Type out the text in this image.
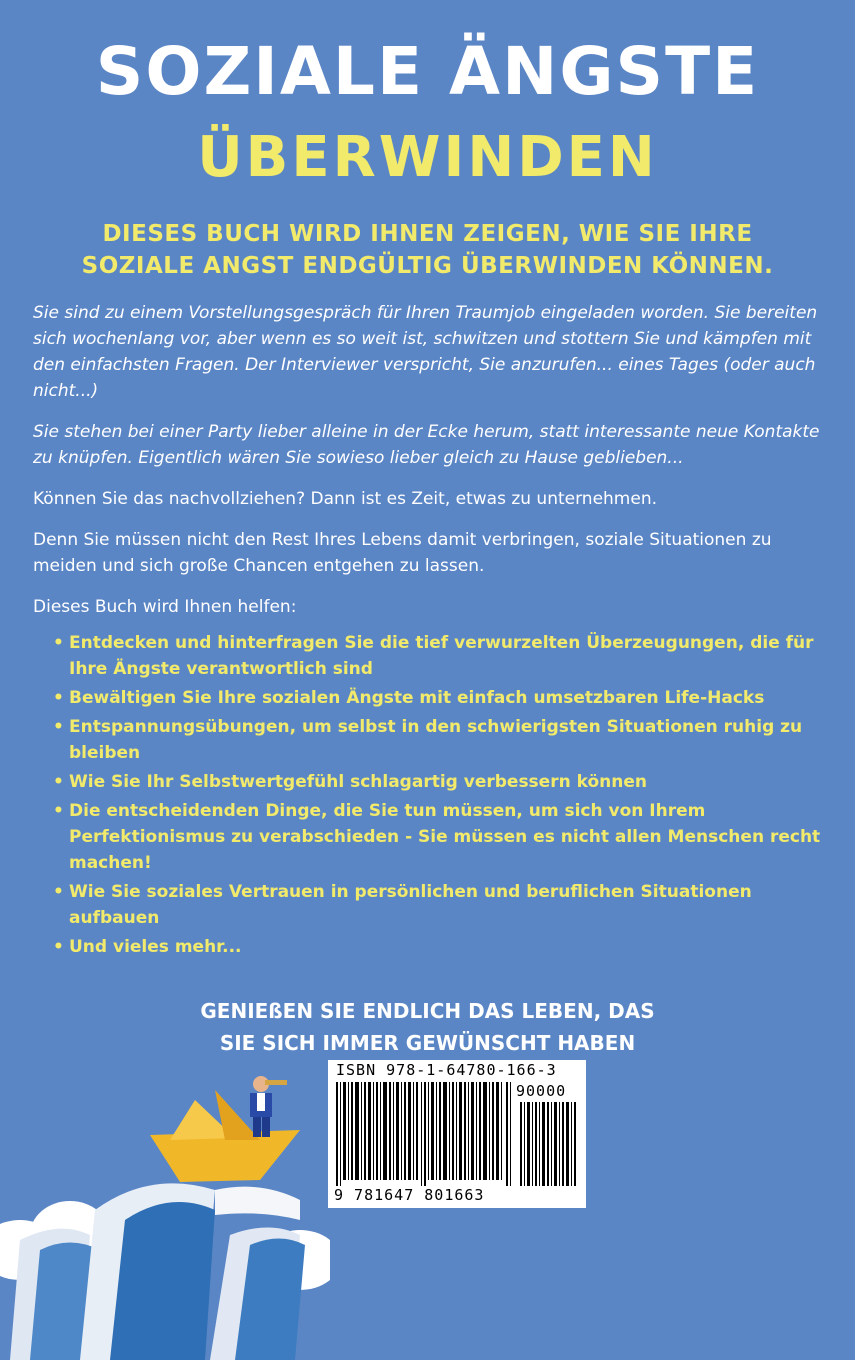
SOZIALE ÄNGSTE
ÜBERWINDEN
DIESES BUCH WIRD IHNEN ZEIGEN, WIE SIE IHRE
SOZIALE ANGST ENDGÜLTIG ÜBERWINDEN KÖNNEN.

Sie sind zu einem Vorstellungsgespräch für Ihren Traumjob eingeladen worden. Sie bereiten sich wochenlang vor, aber wenn es so weit ist, schwitzen und stottern Sie und kämpfen mit den einfachsten Fragen. Der Interviewer verspricht, Sie anzurufen... eines Tages (oder auch nicht...)

Sie stehen bei einer Party lieber alleine in der Ecke herum, statt interessante neue Kontakte zu knüpfen. Eigentlich wären Sie sowieso lieber gleich zu Hause geblieben...

Können Sie das nachvollziehen? Dann ist es Zeit, etwas zu unternehmen.

Denn Sie müssen nicht den Rest Ihres Lebens damit verbringen, soziale Situationen zu meiden und sich große Chancen entgehen zu lassen.

Dieses Buch wird Ihnen helfen:

• Entdecken und hinterfragen Sie die tief verwurzelten Überzeugungen, die für Ihre Ängste verantwortlich sind
• Bewältigen Sie Ihre sozialen Ängste mit einfach umsetzbaren Life-Hacks
• Entspannungsübungen, um selbst in den schwierigsten Situationen ruhig zu bleiben
• Wie Sie Ihr Selbstwertgefühl schlagartig verbessern können
• Die entscheidenden Dinge, die Sie tun müssen, um sich von Ihrem Perfektionismus zu verabschieden - Sie müssen es nicht allen Menschen recht machen!
• Wie Sie soziales Vertrauen in persönlichen und beruflichen Situationen aufbauen
• Und vieles mehr...
GENIEßEN SIE ENDLICH DAS LEBEN, DAS
SIE SICH IMMER GEWÜNSCHT HABEN
ISBN 978-1-64780-166-3
90000
9 781647 801663
